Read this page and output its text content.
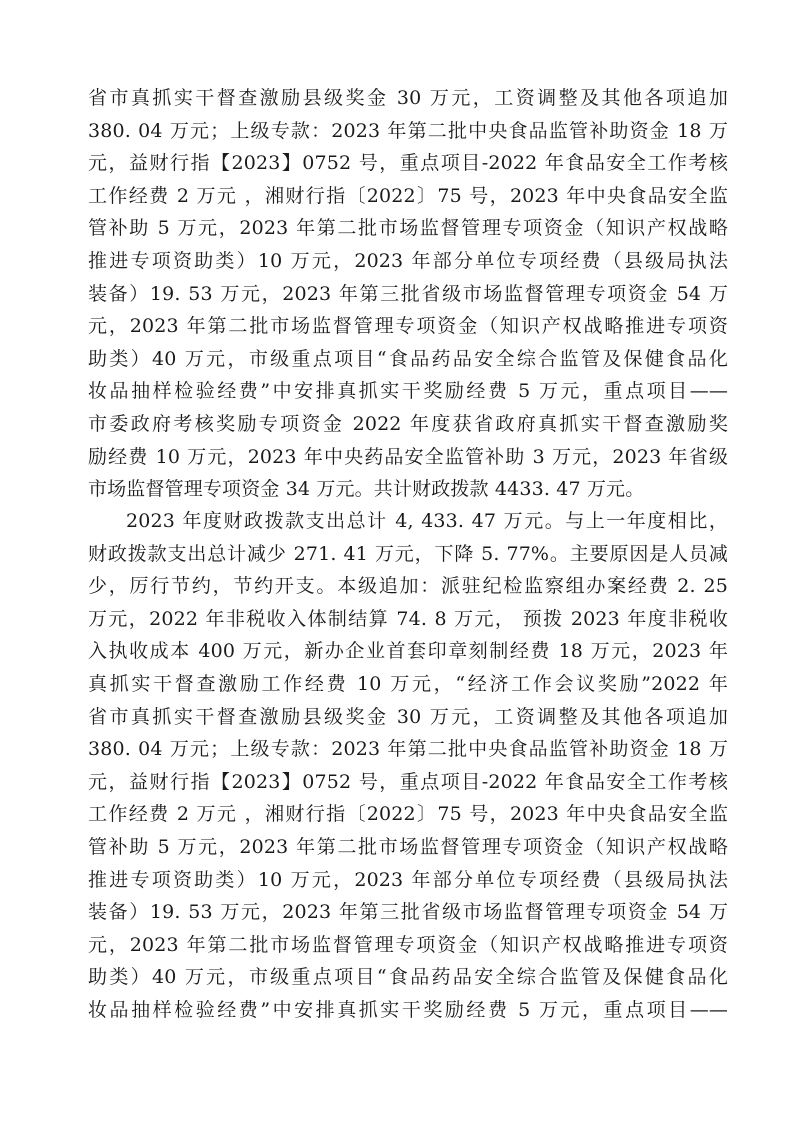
省市真抓实干督查激励县级奖金 30 万元，工资调整及其他各项追加
380. 04 万元；上级专款：2023 年第二批中央食品监管补助资金 18 万
元，益财行指【2023】0752 号，重点项目-2022 年食品安全工作考核
工作经费 2 万元 ，湘财行指〔2022〕75 号，2023 年中央食品安全监
管补助 5 万元，2023 年第二批市场监督管理专项资金（知识产权战略
推进专项资助类）10 万元，2023 年部分单位专项经费（县级局执法
装备）19. 53 万元，2023 年第三批省级市场监督管理专项资金 54 万
元，2023 年第二批市场监督管理专项资金（知识产权战略推进专项资
助类）40 万元，市级重点项目“食品药品安全综合监管及保健食品化
妆品抽样检验经费”中安排真抓实干奖励经费 5 万元，重点项目——
市委政府考核奖励专项资金 2022 年度获省政府真抓实干督查激励奖
励经费 10 万元，2023 年中央药品安全监管补助 3 万元，2023 年省级
市场监督管理专项资金 34 万元。共计财政拨款 4433. 47 万元。
2023 年度财政拨款支出总计 4, 433. 47 万元。与上一年度相比，
财政拨款支出总计减少 271. 41 万元，下降 5. 77%。主要原因是人员减
少，厉行节约，节约开支。本级追加：派驻纪检监察组办案经费 2. 25
万元，2022 年非税收入体制结算 74. 8 万元， 预拨 2023 年度非税收
入执收成本 400 万元，新办企业首套印章刻制经费 18 万元，2023 年
真抓实干督查激励工作经费 10 万元，“经济工作会议奖励”2022 年
省市真抓实干督查激励县级奖金 30 万元，工资调整及其他各项追加
380. 04 万元；上级专款：2023 年第二批中央食品监管补助资金 18 万
元，益财行指【2023】0752 号，重点项目-2022 年食品安全工作考核
工作经费 2 万元 ，湘财行指〔2022〕75 号，2023 年中央食品安全监
管补助 5 万元，2023 年第二批市场监督管理专项资金（知识产权战略
推进专项资助类）10 万元，2023 年部分单位专项经费（县级局执法
装备）19. 53 万元，2023 年第三批省级市场监督管理专项资金 54 万
元，2023 年第二批市场监督管理专项资金（知识产权战略推进专项资
助类）40 万元，市级重点项目“食品药品安全综合监管及保健食品化
妆品抽样检验经费”中安排真抓实干奖励经费 5 万元，重点项目——
